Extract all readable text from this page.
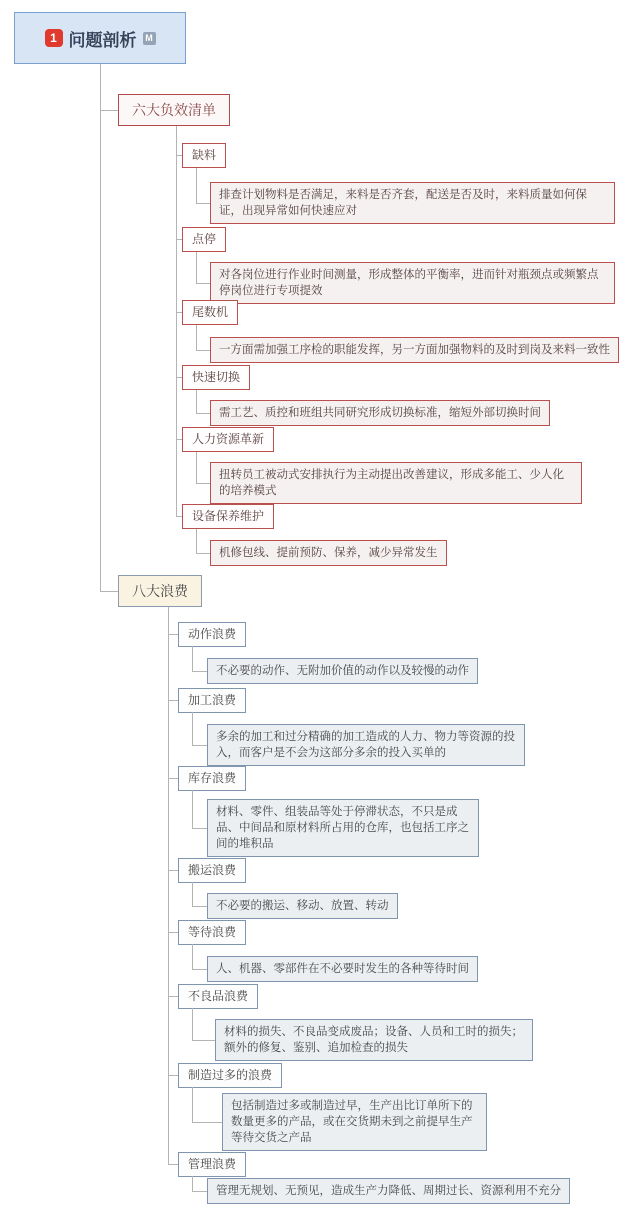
1 问题剖析 M
六大负效清单
缺料
排查计划物料是否满足，来料是否齐套，配送是否及时，来料质量如何保证，出现异常如何快速应对
点停
对各岗位进行作业时间测量，形成整体的平衡率，进而针对瓶颈点或频繁点停岗位进行专项提效
尾数机
一方面需加强工序检的职能发挥，另一方面加强物料的及时到岗及来料一致性
快速切换
需工艺、质控和班组共同研究形成切换标准，缩短外部切换时间
人力资源革新
扭转员工被动式安排执行为主动提出改善建议，形成多能工、少人化的培养模式
设备保养维护
机修包线、提前预防、保养，减少异常发生
八大浪费
动作浪费
不必要的动作、无附加价值的动作以及较慢的动作
加工浪费
多余的加工和过分精确的加工造成的人力、物力等资源的投入，而客户是不会为这部分多余的投入买单的
库存浪费
材料、零件、组装品等处于停滞状态，不只是成品、中间品和原材料所占用的仓库，也包括工序之间的堆积品
搬运浪费
不必要的搬运、移动、放置、转动
等待浪费
人、机器、零部件在不必要时发生的各种等待时间
不良品浪费
材料的损失、不良品变成废品；设备、人员和工时的损失；额外的修复、鉴别、追加检查的损失
制造过多的浪费
包括制造过多或制造过早，生产出比订单所下的数量更多的产品，或在交货期未到之前提早生产等待交货之产品
管理浪费
管理无规划、无预见，造成生产力降低、周期过长、资源利用不充分
